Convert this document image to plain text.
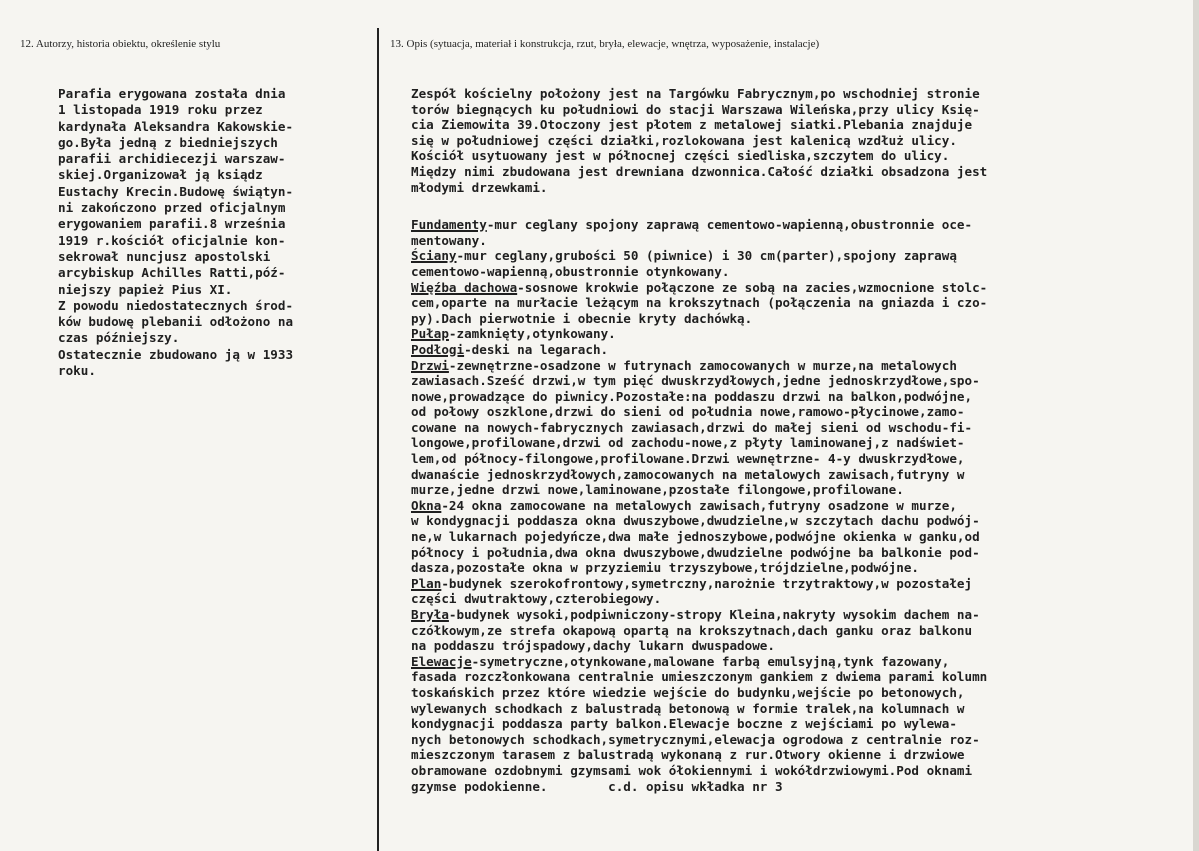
12. Autorzy, historia obiektu, określenie stylu	13. Opis (sytuacja, materiał i konstrukcja, rzut, bryła, elewacje, wnętrza, wyposażenie, instalacje)
Parafia erygowana została dnia
1 listopada 1919 roku przez
kardynała Aleksandra Kakowskie-
go.Była jedną z biedniejszych
parafii archidiecezji warszaw-
skiej.Organizował ją ksiądz
Eustachy Krecin.Budowę świątyn-
ni zakończono przed oficjalnym
erygowaniem parafii.8 września
1919 r.kościół oficjalnie kon-
sekrował nuncjusz apostolski
arcybiskup Achilles Ratti,póź-
niejszy papież Pius XI.
Z powodu niedostatecznych środ-
ków budowę plebanii odłożono na
czas późniejszy.
Ostatecznie zbudowano ją w 1933
roku.
Zespół kościelny położony jest na Targówku Fabrycznym,po wschodniej stronie
torów biegnących ku południowi do stacji Warszawa Wileńska,przy ulicy Księ-
cia Ziemowita 39.Otoczony jest płotem z metalowej siatki.Plebania znajduje
się w południowej części działki,rozlokowana jest kalenicą wzdłuż ulicy.
Kościół usytuowany jest w północnej części siedliska,szczytem do ulicy.
Między nimi zbudowana jest drewniana dzwonnica.Całość działki obsadzona jest
młodymi drzewkami.
Fundamenty-mur ceglany spojony zaprawą cementowo-wapienną,obustronnie oce-
mentowany.
Ściany-mur ceglany,grubości 50 (piwnice) i 30 cm(parter),spojony zaprawą
cementowo-wapienną,obustronnie otynkowany.
Więźba dachowa-sosnowe krokwie połączone ze sobą na zacies,wzmocnione stolc-
cem,oparte na murłacie leżącym na krokszytnach (połączenia na gniazda i czo-
py).Dach pierwotnie i obecnie kryty dachówką.
Pułap-zamknięty,otynkowany.
Podłogi-deski na legarach.
Drzwi-zewnętrzne-osadzone w futrynach zamocowanych w murze,na metalowych
zawiasach.Sześć drzwi,w tym pięć dwuskrzydłowych,jedne jednoskrzydłowe,spo-
nowe,prowadzące do piwnicy.Pozostałe:na poddaszu drzwi na balkon,podwójne,
od połowy oszklone,drzwi do sieni od południa nowe,ramowo-płycinowe,zamo-
cowane na nowych-fabrycznych zawiasach,drzwi do małej sieni od wschodu-fi-
longowe,profilowane,drzwi od zachodu-nowe,z płyty laminowanej,z nadświet-
lem,od północy-filongowe,profilowane.Drzwi wewnętrzne- 4-y dwuskrzydłowe,
dwanaście jednoskrzydłowych,zamocowanych na metalowych zawisach,futryny w
murze,jedne drzwi nowe,laminowane,pzostałe filongowe,profilowane.
Okna-24 okna zamocowane na metalowych zawisach,futryny osadzone w murze,
w kondygnacji poddasza okna dwuszybowe,dwudzielne,w szczytach dachu podwój-
ne,w lukarnach pojedyńcze,dwa małe jednoszybowe,podwójne okienka w ganku,od
północy i południa,dwa okna dwuszybowe,dwudzielne podwójne ba balkonie pod-
dasza,pozostałe okna w przyziemiu trzyszybowe,trójdzielne,podwójne.
Plan-budynek szerokofrontowy,symetrczny,narożnie trzytraktowy,w pozostałej
części dwutraktowy,czterobiegowy.
Bryła-budynek wysoki,podpiwniczony-stropy Kleina,nakryty wysokim dachem na-
czółkowym,ze strefa okapową opartą na krokszytnach,dach ganku oraz balkonu
na poddaszu trójspadowy,dachy lukarn dwuspadowe.
Elewacje-symetryczne,otynkowane,malowane farbą emulsyjną,tynk fazowany,
fasada rozczłonkowana centralnie umieszczonym gankiem z dwiema parami kolumn
toskańskich przez które wiedzie wejście do budynku,wejście po betonowych,
wylewanych schodkach z balustradą betonową w formie tralek,na kolumnach w
kondygnacji poddasza party balkon.Elewacje boczne z wejściami po wylewa-
nych betonowych schodkach,symetrycznymi,elewacja ogrodowa z centralnie roz-
mieszczonym tarasem z balustradą wykonaną z rur.Otwory okienne i drzwiowe
obramowane ozdobnymi gzymsami wok ółokiennymi i wokółdrzwiowymi.Pod oknami
gzymse podokienne.        c.d. opisu wkładka nr 3
